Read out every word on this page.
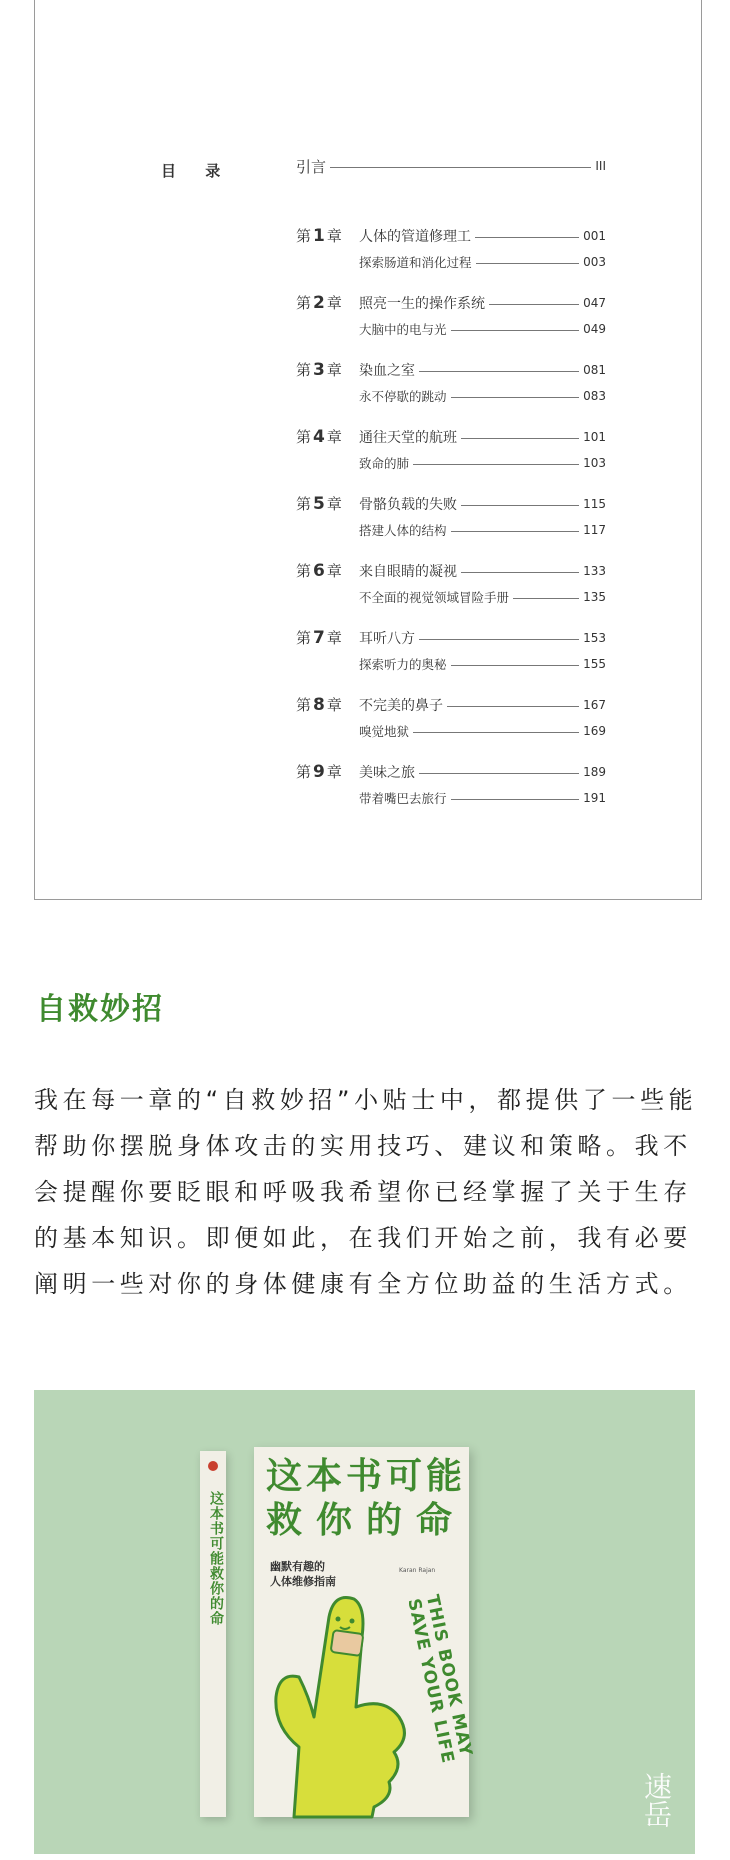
目 录	引言	III
第 1 章 人体的管道修理工	001
探索肠道和消化过程	003
第 2 章 照亮一生的操作系统	047
大脑中的电与光	049
第 3 章 染血之室	081
永不停歇的跳动	083
第 4 章 通往天堂的航班	101
致命的肺	103
第 5 章 骨骼负载的失败	115
搭建人体的结构	117
第 6 章 来自眼睛的凝视	133
不全面的视觉领域冒险手册	135
第 7 章 耳听八方	153
探索听力的奥秘	155
第 8 章 不完美的鼻子	167
嗅觉地狱	169
第 9 章 美味之旅	189
带着嘴巴去旅行	191
自救妙招

我在每一章的“自救妙招”小贴士中，都提供了一些能帮助你摆脱身体攻击的实用技巧、建议和策略。我不会提醒你要眨眼和呼吸我希望你已经掌握了关于生存的基本知识。即便如此，在我们开始之前，我有必要阐明一些对你的身体健康有全方位助益的生活方式。

这本书可能救你的命
这本书可能
救你的命
幽默有趣的
人体维修指南
Karan Rajan
THIS BOOK MAY SAVE YOUR LIFE
速岳
